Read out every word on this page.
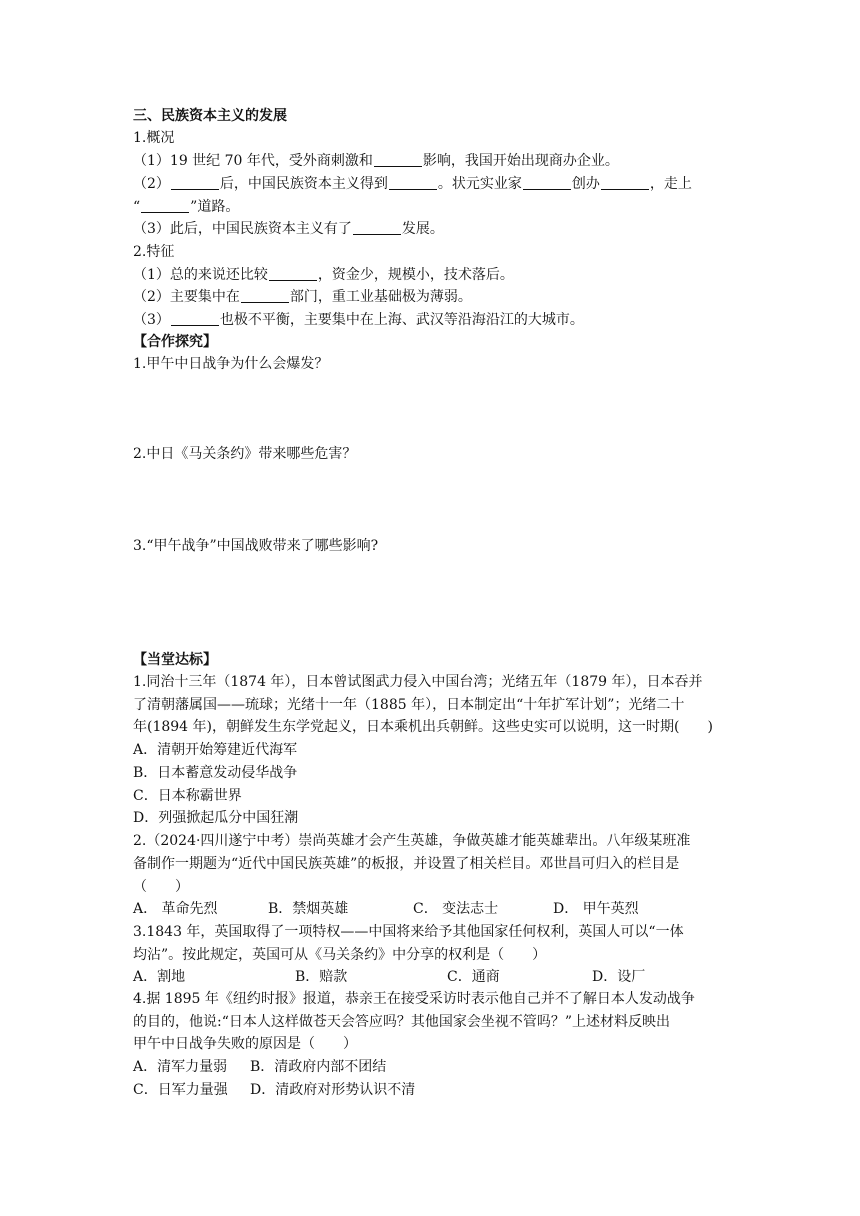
三、民族资本主义的发展
1.概况
（1）19 世纪 70 年代，受外商刺激和	影响，我国开始出现商办企业。
（2）	后，中国民族资本主义得到	。状元实业家	创办	，走上
“	”道路。
（3）此后，中国民族资本主义有了	发展。
2.特征
（1）总的来说还比较	，资金少，规模小，技术落后。
（2）主要集中在	部门，重工业基础极为薄弱。
（3）	也极不平衡，主要集中在上海、武汉等沿海沿江的大城市。
【合作探究】
1.甲午中日战争为什么会爆发？
2.中日《马关条约》带来哪些危害？
3.“甲午战争”中国战败带来了哪些影响?
【当堂达标】
1.同治十三年（1874 年），日本曾试图武力侵入中国台湾；光绪五年（1879 年），日本吞并
了清朝藩属国——琉球；光绪十一年（1885 年），日本制定出“十年扩军计划”；光绪二十
年(1894 年)，朝鲜发生东学党起义，日本乘机出兵朝鲜。这些史实可以说明，这一时期(　　)
A．清朝开始筹建近代海军
B．日本蓄意发动侵华战争
C．日本称霸世界
D．列强掀起瓜分中国狂潮
2.（2024·四川遂宁中考）崇尚英雄才会产生英雄，争做英雄才能英雄辈出。八年级某班准
备制作一期题为“近代中国民族英雄”的板报，并设置了相关栏目。邓世昌可归入的栏目是
（　　）
A． 革命先烈	B．禁烟英雄	C． 变法志士	D． 甲午英烈
3.1843 年，英国取得了一项特权——中国将来给予其他国家任何权利，英国人可以“一体
均沾”。按此规定，英国可从《马关条约》中分享的权利是（　　）
A．割地	B．赔款	C．通商	D．设厂
4.据 1895 年《纽约时报》报道，恭亲王在接受采访时表示他自己并不了解日本人发动战争
的目的，他说:“日本人这样做苍天会答应吗？其他国家会坐视不管吗？”上述材料反映出
甲午中日战争失败的原因是（　　）
A．清军力量弱 B．清政府内部不团结
C．日军力量强 D．清政府对形势认识不清
